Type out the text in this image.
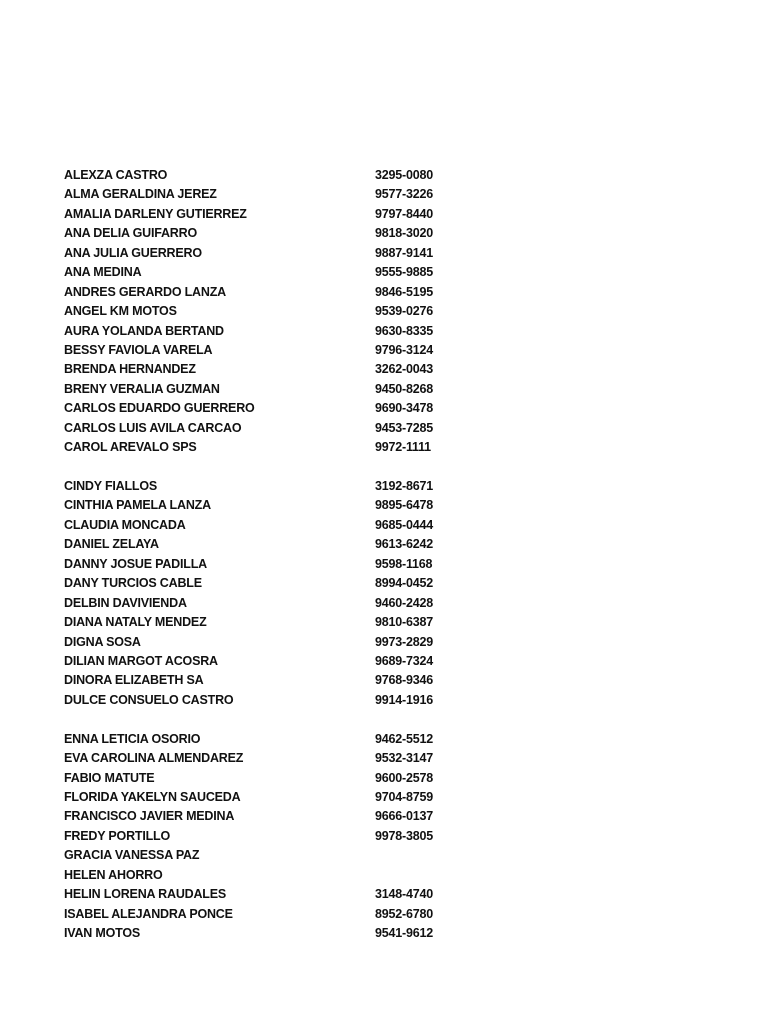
ALEXZA CASTRO	3295-0080
ALMA GERALDINA JEREZ	9577-3226
AMALIA DARLENY GUTIERREZ	9797-8440
ANA DELIA GUIFARRO	9818-3020
ANA JULIA GUERRERO	9887-9141
ANA MEDINA	9555-9885
ANDRES GERARDO LANZA	9846-5195
ANGEL KM MOTOS	9539-0276
AURA YOLANDA BERTAND	9630-8335
BESSY FAVIOLA VARELA	9796-3124
BRENDA HERNANDEZ	3262-0043
BRENY VERALIA GUZMAN	9450-8268
CARLOS EDUARDO GUERRERO	9690-3478
CARLOS LUIS AVILA CARCAO	9453-7285
CAROL AREVALO SPS	9972-1111
CINDY FIALLOS	3192-8671
CINTHIA PAMELA LANZA	9895-6478
CLAUDIA MONCADA	9685-0444
DANIEL ZELAYA	9613-6242
DANNY JOSUE PADILLA	9598-1168
DANY TURCIOS CABLE	8994-0452
DELBIN DAVIVIENDA	9460-2428
DIANA NATALY MENDEZ	9810-6387
DIGNA SOSA	9973-2829
DILIAN MARGOT ACOSRA	9689-7324
DINORA ELIZABETH SA	9768-9346
DULCE CONSUELO CASTRO	9914-1916
ENNA LETICIA OSORIO	9462-5512
EVA CAROLINA ALMENDAREZ	9532-3147
FABIO MATUTE	9600-2578
FLORIDA YAKELYN SAUCEDA	9704-8759
FRANCISCO JAVIER MEDINA	9666-0137
FREDY PORTILLO	9978-3805
GRACIA VANESSA PAZ
HELEN AHORRO
HELIN LORENA RAUDALES	3148-4740
ISABEL ALEJANDRA PONCE	8952-6780
IVAN MOTOS	9541-9612
